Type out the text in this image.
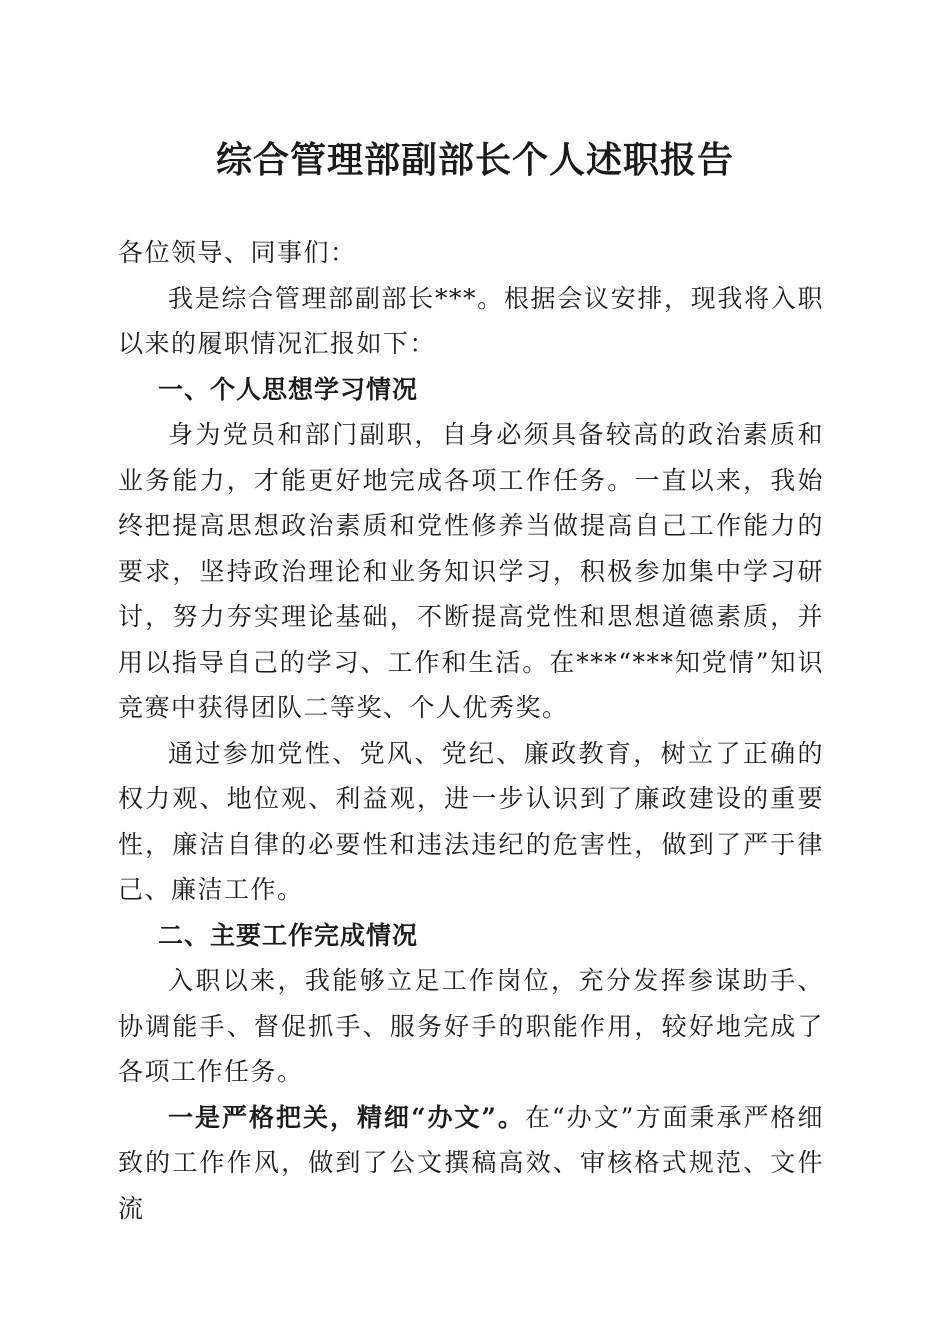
综合管理部副部长个人述职报告

各位领导、同事们：

我是综合管理部副部长***。根据会议安排，现我将入职以来的履职情况汇报如下：

一、个人思想学习情况

身为党员和部门副职，自身必须具备较高的政治素质和业务能力，才能更好地完成各项工作任务。一直以来，我始终把提高思想政治素质和党性修养当做提高自己工作能力的要求，坚持政治理论和业务知识学习，积极参加集中学习研讨，努力夯实理论基础，不断提高党性和思想道德素质，并用以指导自己的学习、工作和生活。在***“***知党情”知识竞赛中获得团队二等奖、个人优秀奖。

通过参加党性、党风、党纪、廉政教育，树立了正确的权力观、地位观、利益观，进一步认识到了廉政建设的重要性，廉洁自律的必要性和违法违纪的危害性，做到了严于律己、廉洁工作。

二、主要工作完成情况

入职以来，我能够立足工作岗位，充分发挥参谋助手、协调能手、督促抓手、服务好手的职能作用，较好地完成了各项工作任务。

一是严格把关，精细“办文”。在“办文”方面秉承严格细致的工作作风，做到了公文撰稿高效、审核格式规范、文件流
